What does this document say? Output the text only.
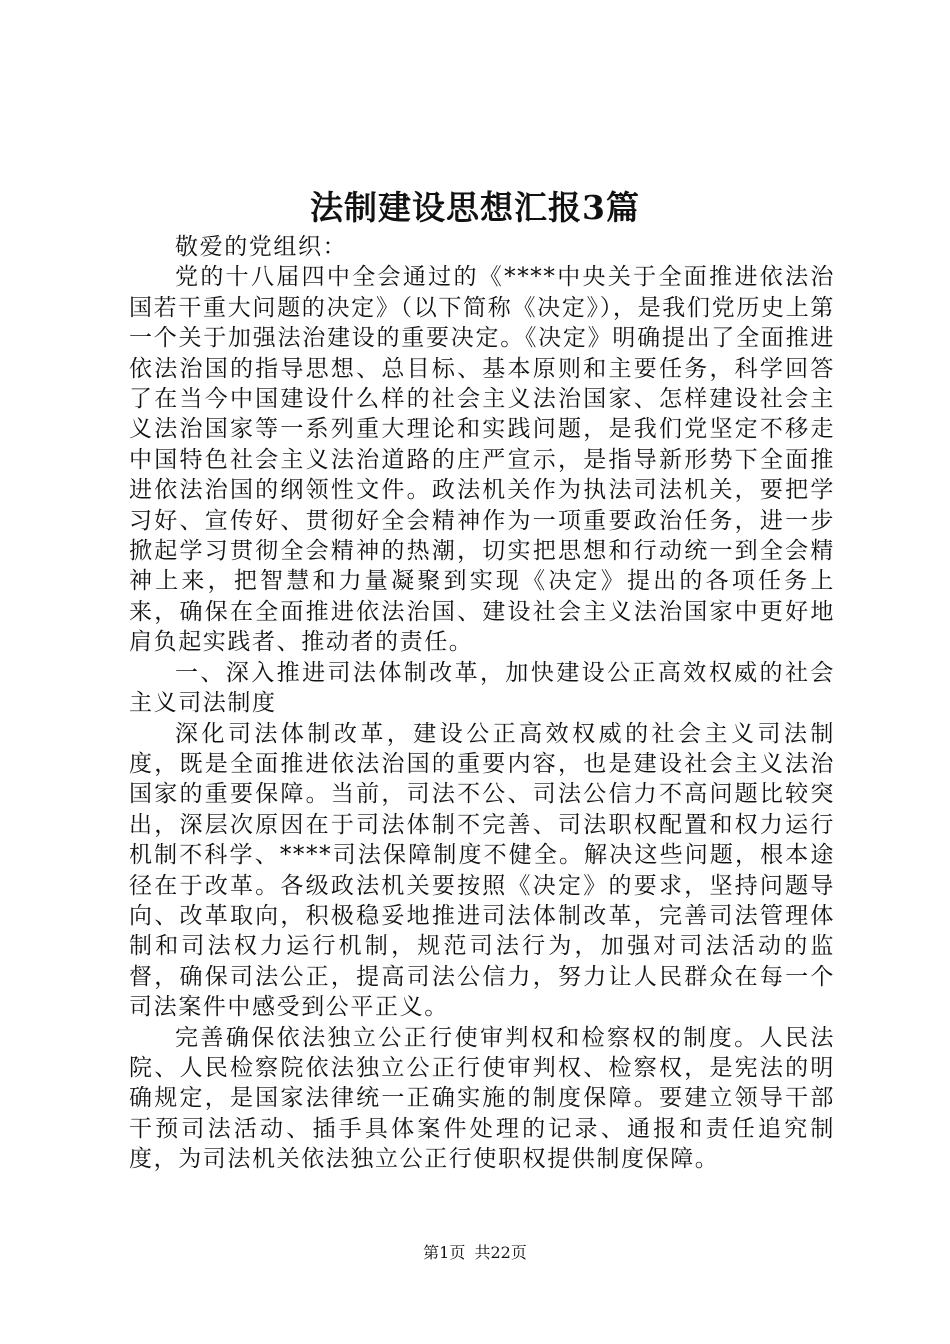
法制建设思想汇报3篇

敬爱的党组织：

党的十八届四中全会通过的《****中央关于全面推进依法治国若干重大问题的决定》（以下简称《决定》），是我们党历史上第一个关于加强法治建设的重要决定。《决定》明确提出了全面推进依法治国的指导思想、总目标、基本原则和主要任务，科学回答了在当今中国建设什么样的社会主义法治国家、怎样建设社会主义法治国家等一系列重大理论和实践问题，是我们党坚定不移走中国特色社会主义法治道路的庄严宣示，是指导新形势下全面推进依法治国的纲领性文件。政法机关作为执法司法机关，要把学习好、宣传好、贯彻好全会精神作为一项重要政治任务，进一步掀起学习贯彻全会精神的热潮，切实把思想和行动统一到全会精神上来，把智慧和力量凝聚到实现《决定》提出的各项任务上来，确保在全面推进依法治国、建设社会主义法治国家中更好地肩负起实践者、推动者的责任。

一、深入推进司法体制改革，加快建设公正高效权威的社会主义司法制度

深化司法体制改革，建设公正高效权威的社会主义司法制度，既是全面推进依法治国的重要内容，也是建设社会主义法治国家的重要保障。当前，司法不公、司法公信力不高问题比较突出，深层次原因在于司法体制不完善、司法职权配置和权力运行机制不科学、****司法保障制度不健全。解决这些问题，根本途径在于改革。各级政法机关要按照《决定》的要求，坚持问题导向、改革取向，积极稳妥地推进司法体制改革，完善司法管理体制和司法权力运行机制，规范司法行为，加强对司法活动的监督，确保司法公正，提高司法公信力，努力让人民群众在每一个司法案件中感受到公平正义。

完善确保依法独立公正行使审判权和检察权的制度。人民法院、人民检察院依法独立公正行使审判权、检察权，是宪法的明确规定，是国家法律统一正确实施的制度保障。要建立领导干部干预司法活动、插手具体案件处理的记录、通报和责任追究制度，为司法机关依法独立公正行使职权提供制度保障。

第1页 共22页
